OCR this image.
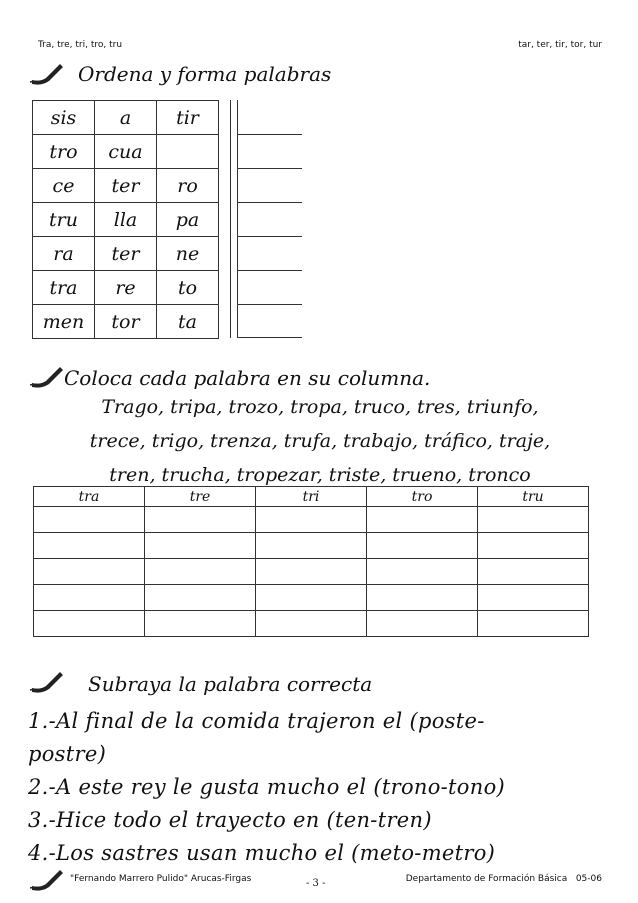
Tra, tre, tri, tro, tru	tar, ter, tir, tor, tur
Ordena y forma palabras
sis	a	tir
tro	cua	
ce	ter	ro
tru	lla	pa
ra	ter	ne
tra	re	to
men	tor	ta
Coloca cada palabra en su columna.
Trago, tripa, trozo, tropa, truco, tres, triunfo,
trece, trigo, trenza, trufa, trabajo, tráfico, traje,
tren, trucha, tropezar, triste, trueno, tronco
tra	tre	tri	tro	tru

Subraya la palabra correcta
1.-Al final de la comida trajeron el (poste-
postre)
2.-A este rey le gusta mucho el (trono-tono)
3.-Hice todo el trayecto en (ten-tren)
4.-Los sastres usan mucho el (meto-metro)
"Fernando Marrero Pulido" Arucas-Firgas	- 3 -	Departamento de Formación Básica   05-06
